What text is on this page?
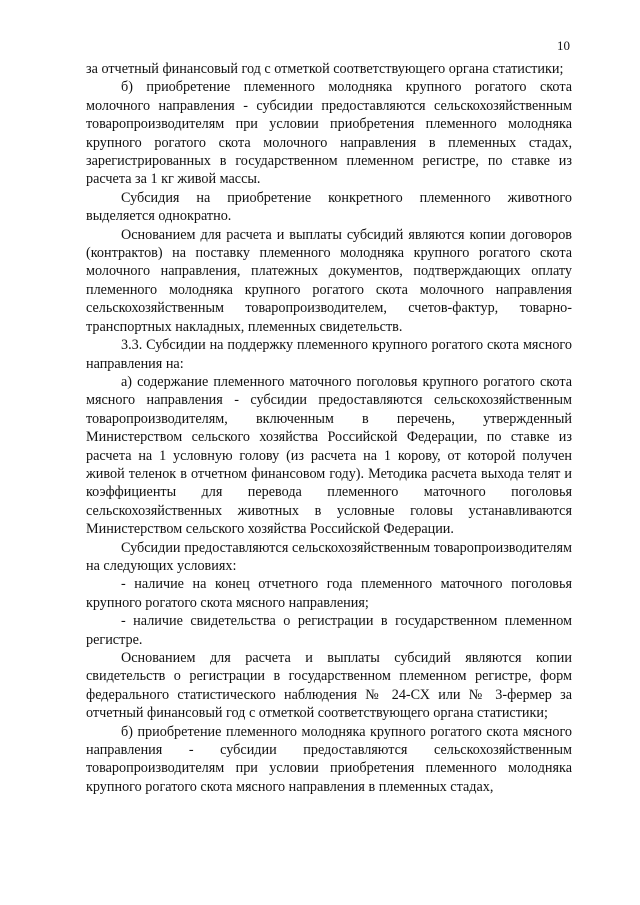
10

за отчетный финансовый год с отметкой соответствующего органа статистики;

б) приобретение племенного молодняка крупного рогатого скота молочного направления - субсидии предоставляются сельскохозяйственным товаропроизводителям при условии приобретения племенного молодняка крупного рогатого скота молочного направления в племенных стадах, зарегистрированных в государственном племенном регистре, по ставке из расчета за 1 кг живой массы.

Субсидия на приобретение конкретного племенного животного выделяется однократно.

Основанием для расчета и выплаты субсидий являются копии договоров (контрактов) на поставку племенного молодняка крупного рогатого скота молочного направления, платежных документов, подтверждающих оплату племенного молодняка крупного рогатого скота молочного направления сельскохозяйственным товаропроизводителем, счетов-фактур, товарно-транспортных накладных, племенных свидетельств.

3.3. Субсидии на поддержку племенного крупного рогатого скота мясного направления на:

а) содержание племенного маточного поголовья крупного рогатого скота мясного направления - субсидии предоставляются сельскохозяйственным товаропроизводителям, включенным в перечень, утвержденный Министерством сельского хозяйства Российской Федерации, по ставке из расчета на 1 условную голову (из расчета на 1 корову, от которой получен живой теленок в отчетном финансовом году). Методика расчета выхода телят и коэффициенты для перевода племенного маточного поголовья сельскохозяйственных животных в условные головы устанавливаются Министерством сельского хозяйства Российской Федерации.

Субсидии предоставляются сельскохозяйственным товаропроизводителям на следующих условиях:

- наличие на конец отчетного года племенного маточного поголовья крупного рогатого скота мясного направления;

- наличие свидетельства о регистрации в государственном племенном регистре.

Основанием для расчета и выплаты субсидий являются копии свидетельств о регистрации в государственном племенном регистре, форм федерального статистического наблюдения № 24-СХ или № 3-фермер за отчетный финансовый год с отметкой соответствующего органа статистики;

б) приобретение племенного молодняка крупного рогатого скота мясного направления - субсидии предоставляются сельскохозяйственным товаропроизводителям при условии приобретения племенного молодняка крупного рогатого скота мясного направления в племенных стадах,
